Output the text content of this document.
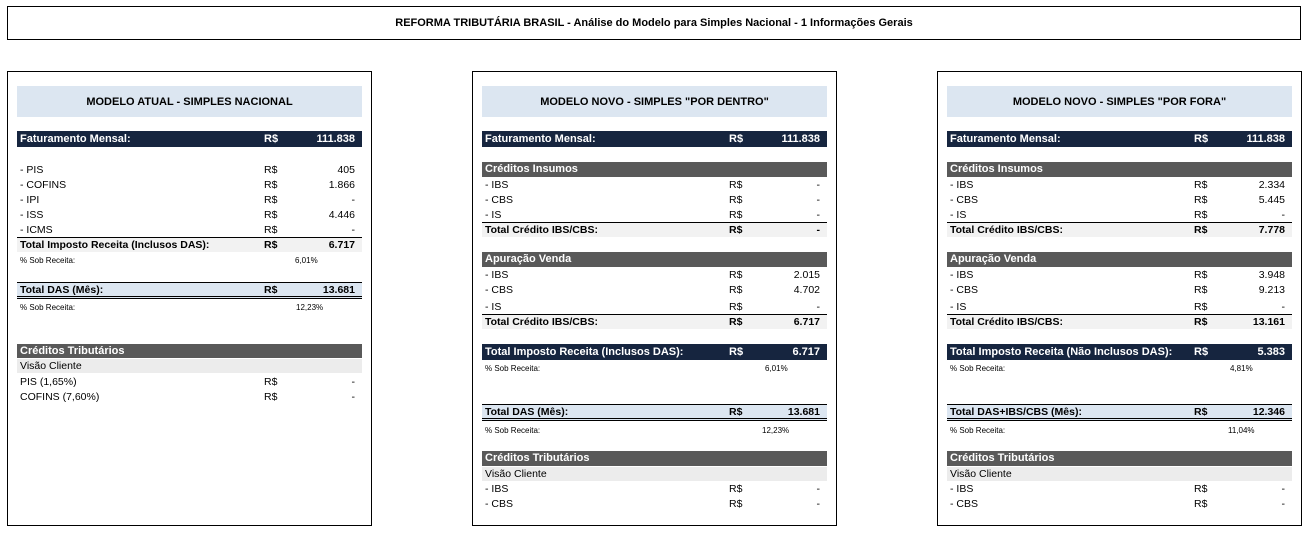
REFORMA TRIBUTÁRIA BRASIL - Análise do Modelo para Simples Nacional - 1 Informações Gerais
MODELO ATUAL - SIMPLES NACIONAL
Faturamento Mensal:	R$	111.838
- PIS	R$	405
- COFINS	R$	1.866
- IPI	R$	-
- ISS	R$	4.446
- ICMS	R$	-
Total Imposto Receita (Inclusos DAS):	R$	6.717
% Sob Receita:	6,01%
Total DAS (Mês):	R$	13.681
% Sob Receita:	12,23%
Créditos Tributários
Visão Cliente
PIS (1,65%)	R$	-
COFINS (7,60%)	R$	-
MODELO NOVO - SIMPLES "POR DENTRO"
Faturamento Mensal:	R$	111.838
Créditos Insumos
- IBS	R$	-
- CBS	R$	-
- IS	R$	-
Total Crédito IBS/CBS:	R$	-
Apuração Venda
- IBS	R$	2.015
- CBS	R$	4.702
- IS	R$	-
Total Crédito IBS/CBS:	R$	6.717
Total Imposto Receita (Inclusos DAS):	R$	6.717
% Sob Receita:	6,01%
Total DAS (Mês):	R$	13.681
% Sob Receita:	12,23%
Créditos Tributários
Visão Cliente
- IBS	R$	-
- CBS	R$	-
MODELO NOVO - SIMPLES "POR FORA"
Faturamento Mensal:	R$	111.838
Créditos Insumos
- IBS	R$	2.334
- CBS	R$	5.445
- IS	R$	-
Total Crédito IBS/CBS:	R$	7.778
Apuração Venda
- IBS	R$	3.948
- CBS	R$	9.213
- IS	R$	-
Total Crédito IBS/CBS:	R$	13.161
Total Imposto Receita (Não Inclusos DAS): R$	5.383
% Sob Receita:	4,81%
Total DAS+IBS/CBS (Mês):	R$	12.346
% Sob Receita:	11,04%
Créditos Tributários
Visão Cliente
- IBS	R$	-
- CBS	R$	-
